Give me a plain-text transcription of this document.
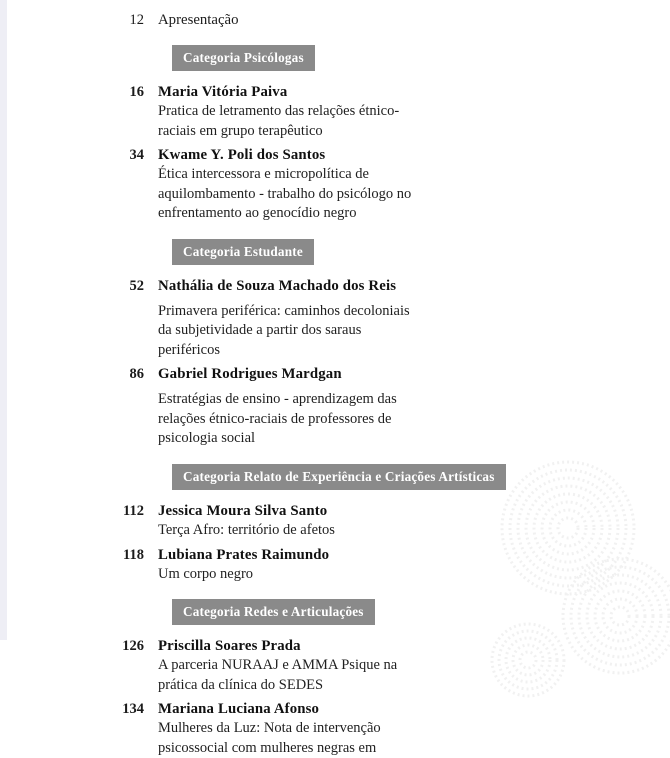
12 Apresentação
Categoria Psicólogas
16 Maria Vitória Paiva
Pratica de letramento das relações étnico-
raciais em grupo terapêutico
34 Kwame Y. Poli dos Santos
Ética intercessora e micropolítica de
aquilombamento - trabalho do psicólogo no
enfrentamento ao genocídio negro
Categoria Estudante
52 Nathália de Souza Machado dos Reis
Primavera periférica: caminhos decoloniais
da subjetividade a partir dos saraus
periféricos
86 Gabriel Rodrigues Mardgan
Estratégias de ensino - aprendizagem das
relações étnico-raciais de professores de
psicologia social
Categoria Relato de Experiência e Criações Artísticas
112 Jessica Moura Silva Santo
Terça Afro: território de afetos
118 Lubiana Prates Raimundo
Um corpo negro
Categoria Redes e Articulações
126 Priscilla Soares Prada
A parceria NURAAJ e AMMA Psique na
prática da clínica do SEDES
134 Mariana Luciana Afonso
Mulheres da Luz: Nota de intervenção
psicossocial com mulheres negras em
